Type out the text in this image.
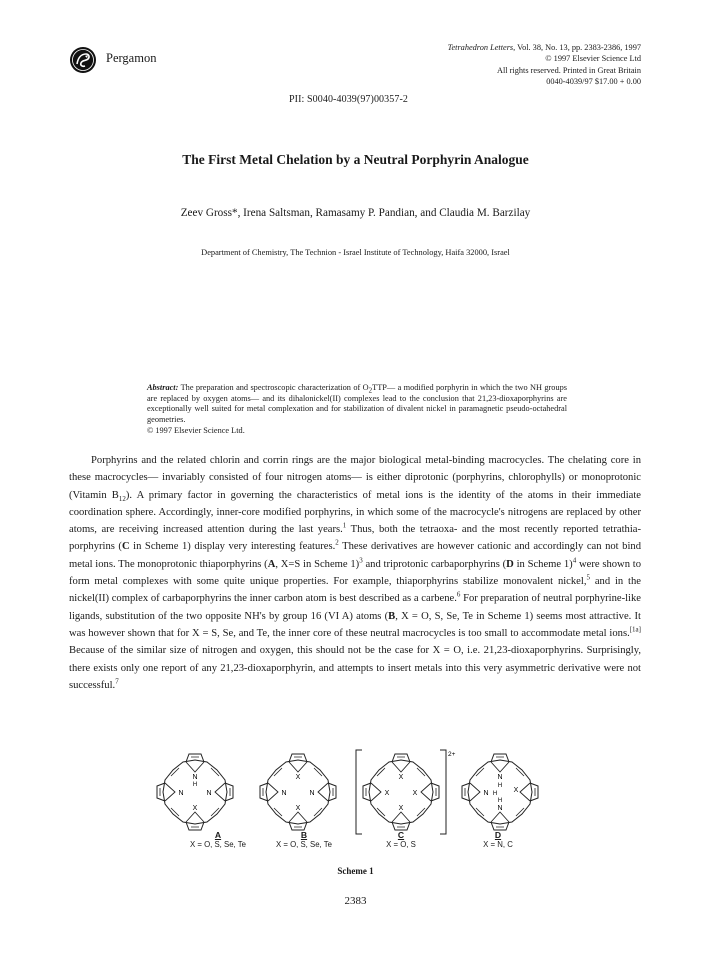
Pergamon
Tetrahedron Letters, Vol. 38, No. 13, pp. 2383-2386, 1997
© 1997 Elsevier Science Ltd
All rights reserved. Printed in Great Britain
0040-4039/97 $17.00 + 0.00
PII: S0040-4039(97)00357-2
The First Metal Chelation by a Neutral Porphyrin Analogue
Zeev Gross*, Irena Saltsman, Ramasamy P. Pandian, and Claudia M. Barzilay
Department of Chemistry, The Technion - Israel Institute of Technology, Haifa 32000, Israel

Abstract: The preparation and spectroscopic characterization of $O_2TTP—$ a modified porphyrin in which the two NH groups are replaced by oxygen atoms— and its dihalonickel(II) complexes lead to the conclusion that 21,23-dioxaporphyrins are exceptionally well suited for metal complexation and for stabilization of divalent nickel in paramagnetic pseudo-octahedral geometries.

© 1997 Elsevier Science Ltd.

Porphyrins and the related chlorin and corrin rings are the major biological metal-binding macrocycles. The chelating core in these macrocycles— invariably consisted of four nitrogen atoms— is either diprotonic (porphyrins, chlorophylls) or monoprotonic (Vitamin $B_{12}$). A primary factor in governing the characteristics of metal ions is the identity of the atoms in their immediate coordination sphere. Accordingly, inner-core modified porphyrins, in which some of the macrocycle's nitrogens are replaced by other atoms, are receiving increased attention during the last years.$^1$ Thus, both the tetraoxa- and the most recently reported tetrathia-porphyrins (C in Scheme 1) display very interesting features.$^2$ These derivatives are however cationic and accordingly can not bind metal ions. The monoprotonic thiaporphyrins (A, X=S in Scheme 1)$^3$ and triprotonic carbaporphyrins (D in Scheme 1)$^4$ were shown to form metal complexes with some quite unique properties. For example, thiaporphyrins stabilize monovalent nickel,$^5$ and in the nickel(II) complex of carbaporphyrins the inner carbon atom is best described as a carbene.$^6$ For preparation of neutral porphyrine-like ligands, substitution of the two opposite NH's by group 16 (VI A) atoms (B, X = O, S, Se, Te in Scheme 1) seems most attractive. It was however shown that for X = S, Se, and Te, the inner core of these neutral macrocycles is too small to accommodate metal ions.[1a] Because of the similar size of nitrogen and oxygen, this should not be the case for X = O, i.e. 21,23-dioxaporphyrins. Surprisingly, there exists only one report of any 21,23-dioxaporphyrin, and attempts to insert metals into this very asymmetric derivative were not successful.$^7$

N
N	N
X
H
X
N	N
X
2+
X
X	X
X
N
N	X
N
H
H
H
A
X = O, S, Se, Te
B
X = O, S, Se, Te
C
X = O, S
D
X = N, C
Scheme 1
2383
